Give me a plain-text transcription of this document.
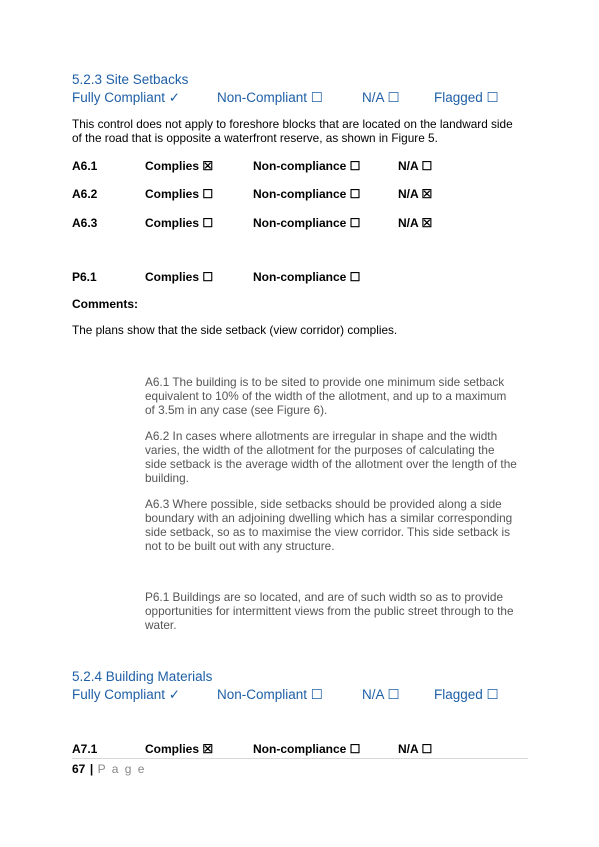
5.2.3 Site Setbacks
Fully Compliant ✓	Non-Compliant ☐	N/A ☐	Flagged ☐
This control does not apply to foreshore blocks that are located on the landward side
of the road that is opposite a waterfront reserve, as shown in Figure 5.
A6.1	Complies ☒	Non-compliance ☐	N/A ☐
A6.2	Complies ☐	Non-compliance ☐	N/A ☒
A6.3	Complies ☐	Non-compliance ☐	N/A ☒
P6.1	Complies ☐	Non-compliance ☐
Comments:
The plans show that the side setback (view corridor) complies.
A6.1 The building is to be sited to provide one minimum side setback
equivalent to 10% of the width of the allotment, and up to a maximum
of 3.5m in any case (see Figure 6).
A6.2 In cases where allotments are irregular in shape and the width
varies, the width of the allotment for the purposes of calculating the
side setback is the average width of the allotment over the length of the
building.
A6.3 Where possible, side setbacks should be provided along a side
boundary with an adjoining dwelling which has a similar corresponding
side setback, so as to maximise the view corridor. This side setback is
not to be built out with any structure.
P6.1 Buildings are so located, and are of such width so as to provide
opportunities for intermittent views from the public street through to the
water.
5.2.4 Building Materials
Fully Compliant ✓	Non-Compliant ☐	N/A ☐	Flagged ☐
A7.1	Complies ☒	Non-compliance ☐	N/A ☐
67 | P a g e
